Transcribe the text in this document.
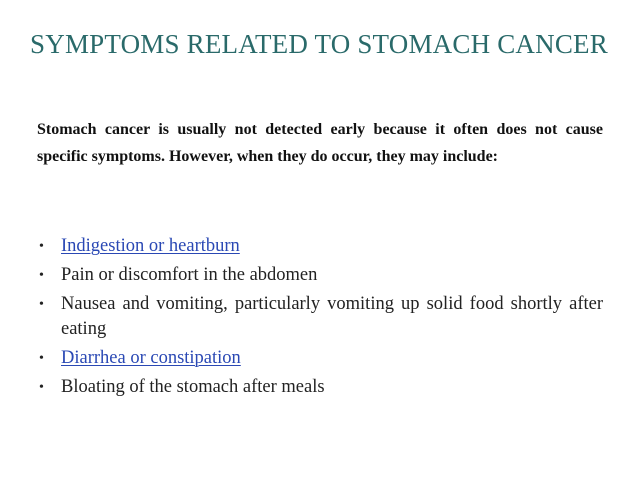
SYMPTOMS RELATED TO STOMACH CANCER
Stomach cancer is usually not detected early because it often does not cause specific symptoms. However, when they do occur, they may include:
• Indigestion or heartburn
• Pain or discomfort in the abdomen
• Nausea and vomiting, particularly vomiting up solid food shortly after eating
• Diarrhea or constipation
• Bloating of the stomach after meals
